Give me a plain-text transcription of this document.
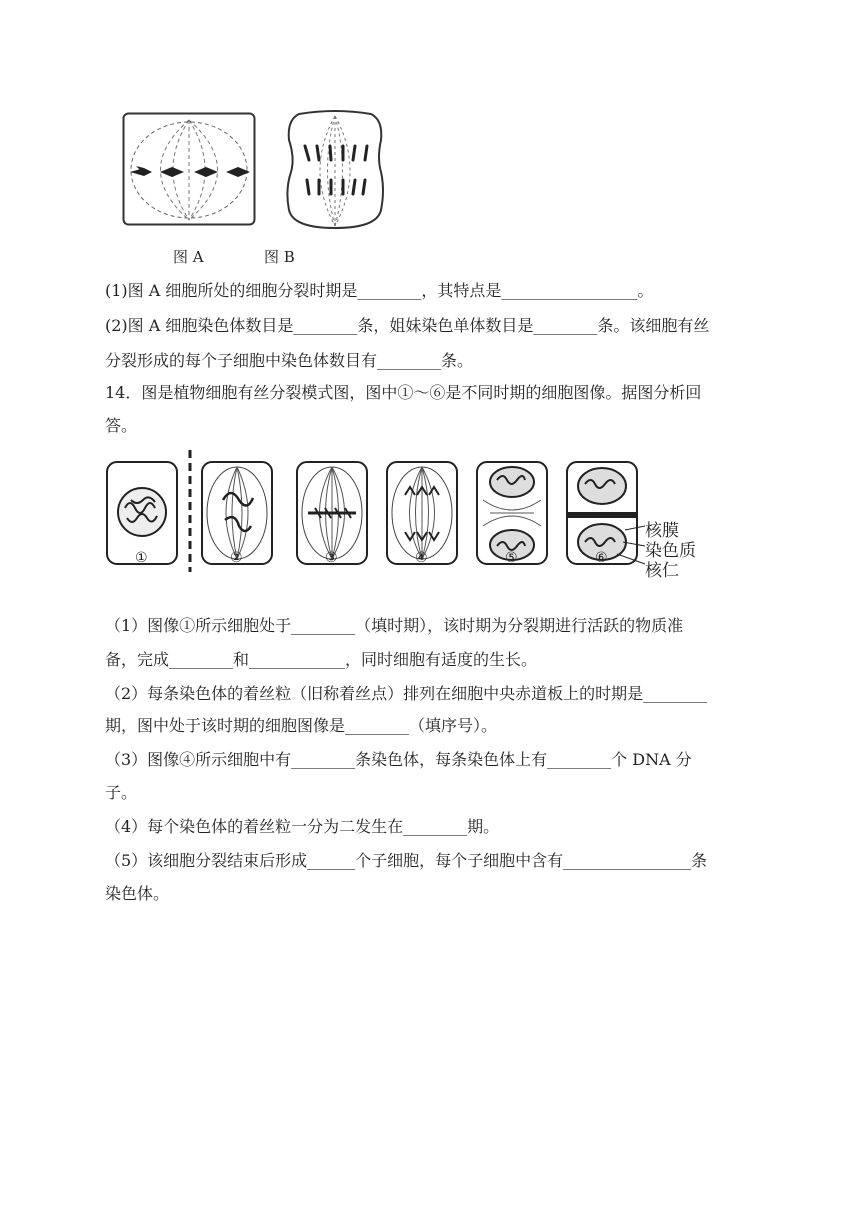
图 A	图 B
(1)图 A 细胞所处的细胞分裂时期是________，其特点是_________________。
(2)图 A 细胞染色体数目是________条，姐妹染色单体数目是________条。该细胞有丝
分裂形成的每个子细胞中染色体数目有________条。
14．图是植物细胞有丝分裂模式图，图中①～⑥是不同时期的细胞图像。据图分析回
答。
①	②	③	④	⑤	⑥
核膜
染色质
核仁
（1）图像①所示细胞处于________（填时期），该时期为分裂期进行活跃的物质准
备，完成________和____________，同时细胞有适度的生长。
（2）每条染色体的着丝粒（旧称着丝点）排列在细胞中央赤道板上的时期是________
期，图中处于该时期的细胞图像是________（填序号）。
（3）图像④所示细胞中有________条染色体，每条染色体上有________个 DNA 分
子。
（4）每个染色体的着丝粒一分为二发生在________期。
（5）该细胞分裂结束后形成______个子细胞，每个子细胞中含有________________条
染色体。
